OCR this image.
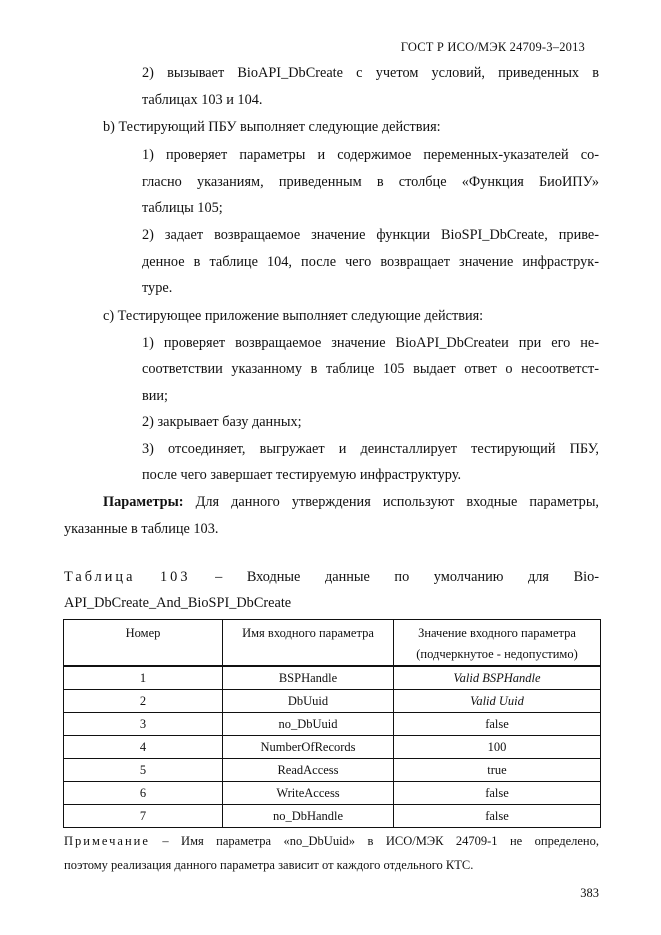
ГОСТ Р ИСО/МЭК 24709-3–2013
2) вызывает BioAPI_DbCreate с учетом условий, приведенных в
таблицах 103 и 104.
b) Тестирующий ПБУ выполняет следующие действия:
1) проверяет параметры и содержимое переменных-указателей со-
гласно указаниям, приведенным в столбце «Функция БиоИПУ»
таблицы 105;
2) задает возвращаемое значение функции BioSPI_DbCreate, приве-
денное в таблице 104, после чего возвращает значение инфраструк-
туре.
c) Тестирующее приложение выполняет следующие действия:
1) проверяет возвращаемое значение BioAPI_DbCreateи при его не-
соответствии указанному в таблице 105 выдает ответ о несоответст-
вии;
2) закрывает базу данных;
3) отсоединяет, выгружает и деинсталлирует тестирующий ПБУ,
после чего завершает тестируемую инфраструктуру.
Параметры: Для данного утверждения используют входные параметры,
указанные в таблице 103.
Таблица 103 – Входные данные по умолчанию для Bio-
API_DbCreate_And_BioSPI_DbCreate
Номер	Имя входного параметра	Значение входного параметра
(подчеркнутое - недопустимо)
1	BSPHandle	Valid BSPHandle
2	DbUuid	Valid Uuid
3	no_DbUuid	false
4	NumberOfRecords	100
5	ReadAccess	true
6	WriteAccess	false
7	no_DbHandle	false
Примечание – Имя параметра «no_DbUuid» в ИСО/МЭК 24709-1 не определено,
поэтому реализация данного параметра зависит от каждого отдельного КТС.
383
